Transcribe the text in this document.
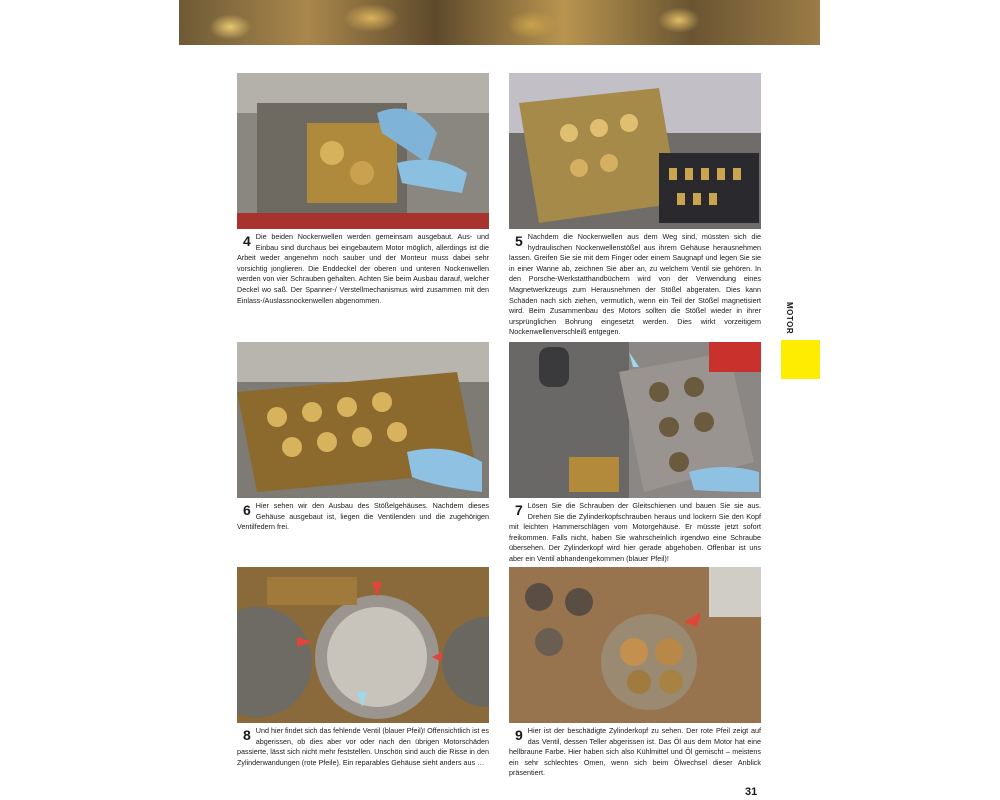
4 Die beiden Nockenwellen werden gemeinsam ausgebaut. Aus- und Einbau sind durchaus bei eingebautem Motor möglich, allerdings ist die Arbeit weder angenehm noch sauber und der Monteur muss dabei sehr vorsichtig jonglieren. Die Enddeckel der oberen und unteren Nockenwellen werden von vier Schrauben gehalten. Achten Sie beim Ausbau darauf, welcher Deckel wo saß. Der Spanner-/ Verstellmechanismus wird zusammen mit den Einlass-/Auslassnockenwellen abgenommen.
5 Nachdem die Nockenwellen aus dem Weg sind, müssten sich die hydraulischen Nockenwellenstößel aus ihrem Gehäuse herausnehmen lassen. Greifen Sie sie mit dem Finger oder einem Saugnapf und legen Sie sie in einer Wanne ab, zeichnen Sie aber an, zu welchem Ventil sie gehören. In den Porsche-Werkstatthandbüchern wird von der Verwendung eines Magnetwerkzeugs zum Herausnehmen der Stößel abgeraten. Dies kann Schäden nach sich ziehen, vermutlich, wenn ein Teil der Stößel magnetisiert wird. Beim Zusammenbau des Motors sollten die Stößel wieder in ihrer ursprünglichen Bohrung eingesetzt werden. Dies wirkt vorzeitigem Nockenwellenverschleiß entgegen.
6 Hier sehen wir den Ausbau des Stößelgehäuses. Nachdem dieses Gehäuse ausgebaut ist, liegen die Ventilenden und die zugehörigen Ventilfedern frei.
7 Lösen Sie die Schrauben der Gleitschienen und bauen Sie sie aus. Drehen Sie die Zylinderkopfschrauben heraus und lockern Sie den Kopf mit leichten Hammerschlägen vom Motorgehäuse. Er müsste jetzt sofort freikommen. Falls nicht, haben Sie wahrscheinlich irgendwo eine Schraube übersehen. Der Zylinderkopf wird hier gerade abgehoben. Offenbar ist uns aber ein Ventil abhandengekommen (blauer Pfeil)!
8 Und hier findet sich das fehlende Ventil (blauer Pfeil)! Offensichtlich ist es abgerissen, ob dies aber vor oder nach den übrigen Motorschäden passierte, lässt sich nicht mehr feststellen. Unschön sind auch die Risse in den Zylinderwandungen (rote Pfeile). Ein reparables Gehäuse sieht anders aus …
9 Hier ist der beschädigte Zylinderkopf zu sehen. Der rote Pfeil zeigt auf das Ventil, dessen Teller abgerissen ist. Das Öl aus dem Motor hat eine hellbraune Farbe. Hier haben sich also Kühlmittel und Öl gemischt – meistens ein sehr schlechtes Omen, wenn sich beim Ölwechsel dieser Anblick präsentiert.
MOTOR
31
